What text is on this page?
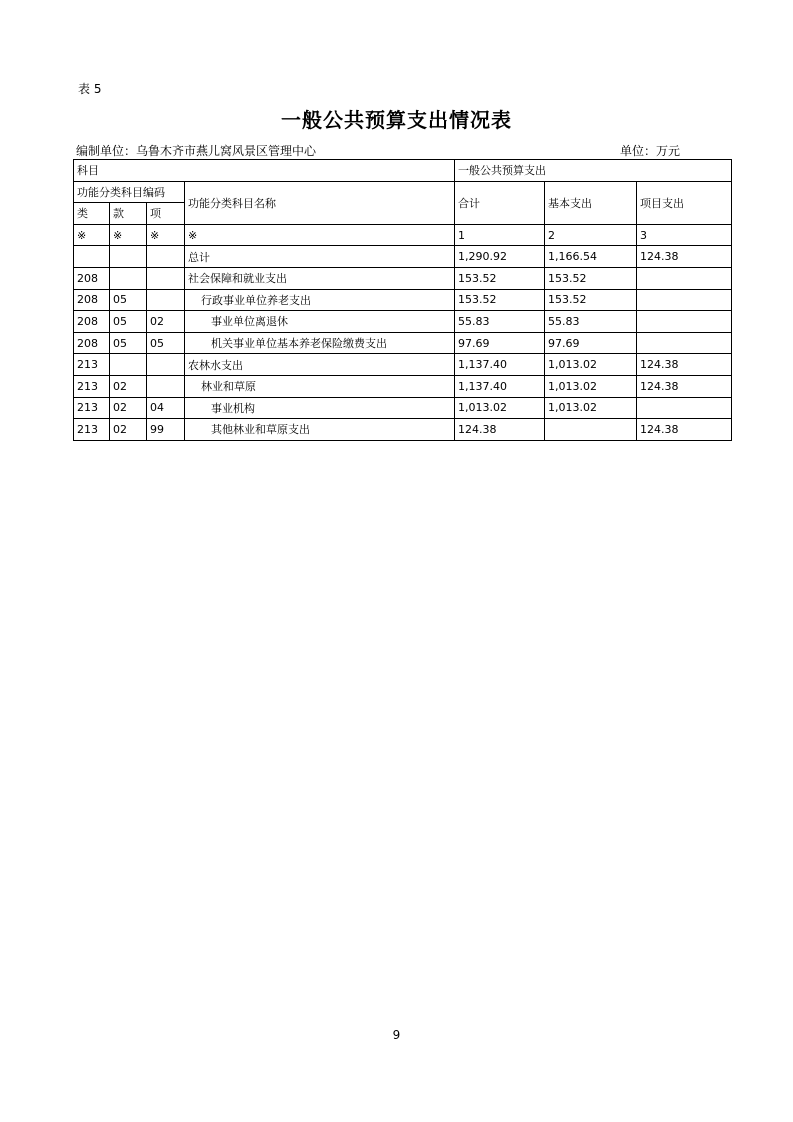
表 5
一般公共预算支出情况表
编制单位：乌鲁木齐市燕儿窝风景区管理中心	单位：万元
科目				一般公共预算支出		
功能分类科目编码			功能分类科目名称	合计	基本支出	项目支出
类	款	项				
※	※	※	※	1	2	3
			总计	1,290.92	1,166.54	124.38
208			社会保障和就业支出	153.52	153.52	
208	05		行政事业单位养老支出	153.52	153.52	
208	05	02	事业单位离退休	55.83	55.83	
208	05	05	机关事业单位基本养老保险缴费支出	97.69	97.69	
213			农林水支出	1,137.40	1,013.02	124.38
213	02		林业和草原	1,137.40	1,013.02	124.38
213	02	04	事业机构	1,013.02	1,013.02	
213	02	99	其他林业和草原支出	124.38		124.38
9
